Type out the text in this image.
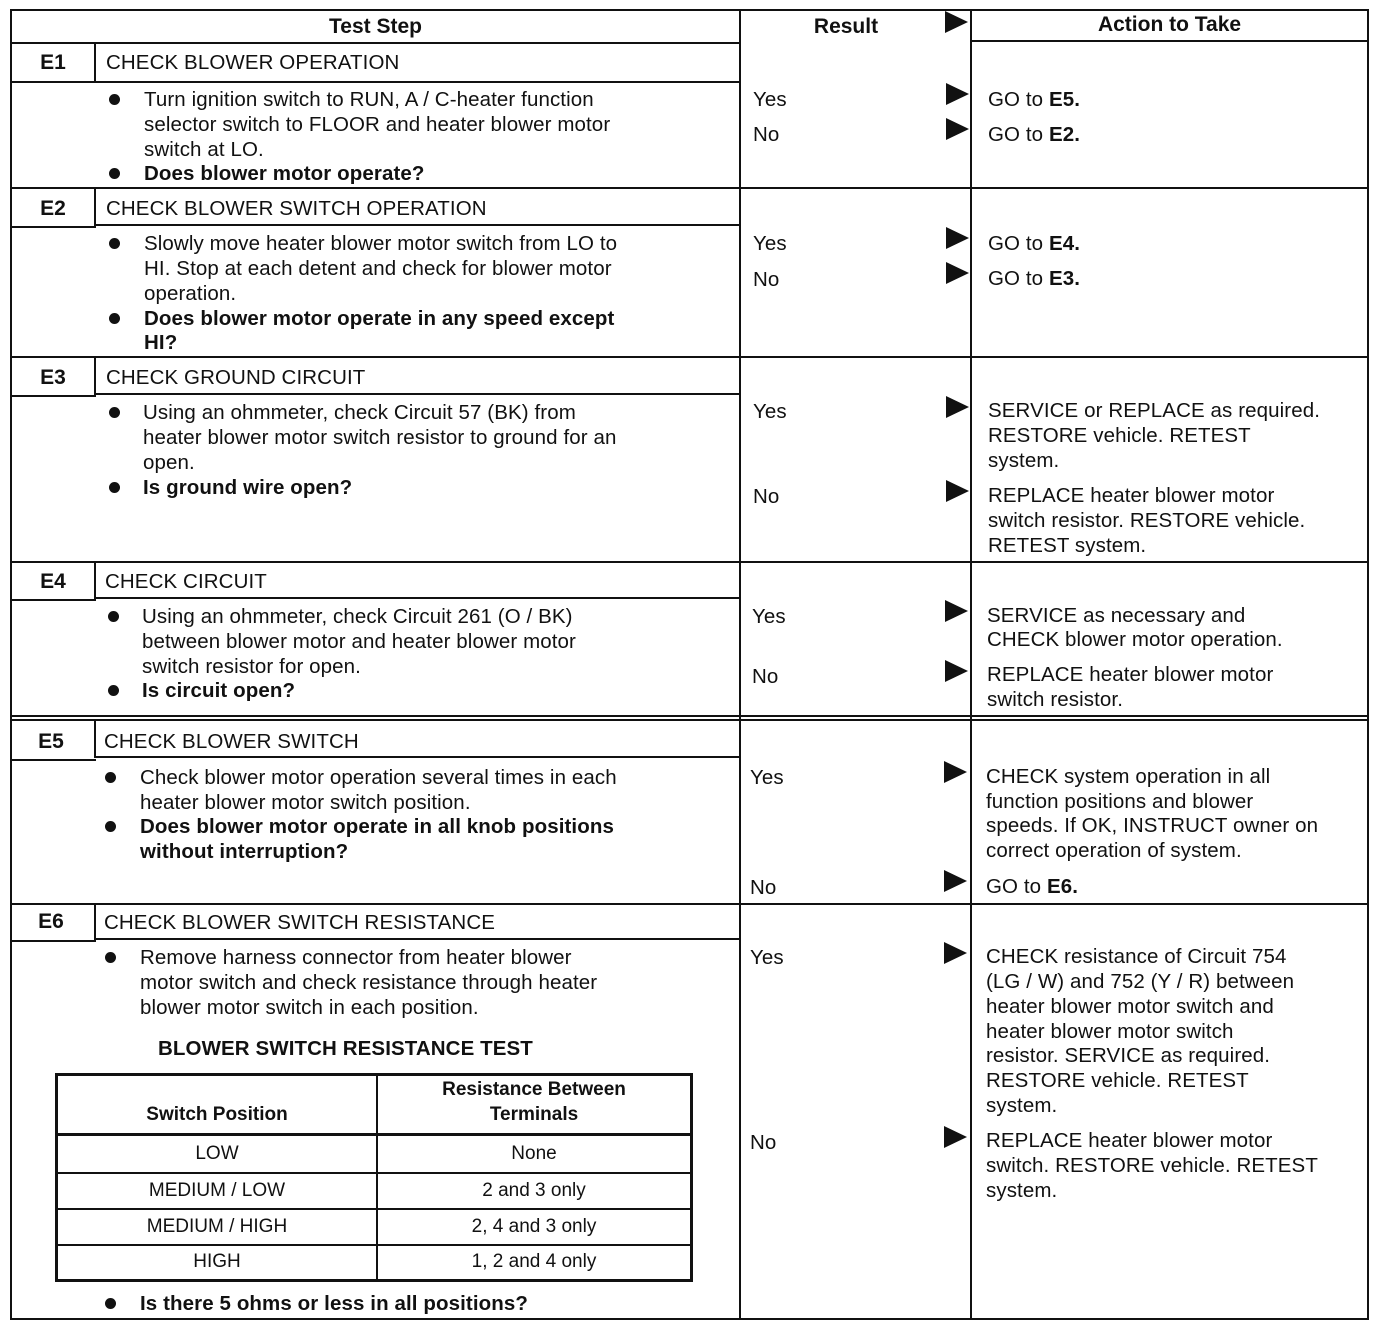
Test Step	Result	Action to Take
E1	CHECK BLOWER OPERATION
Turn ignition switch to RUN, A / C-heater function
selector switch to FLOOR and heater blower motor
switch at LO.
Does blower motor operate?
Yes	GO to E5.
No	GO to E2.
E2	CHECK BLOWER SWITCH OPERATION
Slowly move heater blower motor switch from LO to
HI. Stop at each detent and check for blower motor
operation.
Does blower motor operate in any speed except
HI?
Yes	GO to E4.
No	GO to E3.
E3	CHECK GROUND CIRCUIT
Using an ohmmeter, check Circuit 57 (BK) from
heater blower motor switch resistor to ground for an
open.
Is ground wire open?
Yes	SERVICE or REPLACE as required.
RESTORE vehicle. RETEST
system.
No	REPLACE heater blower motor
switch resistor. RESTORE vehicle.
RETEST system.
E4	CHECK CIRCUIT
Using an ohmmeter, check Circuit 261 (O / BK)
between blower motor and heater blower motor
switch resistor for open.
Is circuit open?
Yes	SERVICE as necessary and
CHECK blower motor operation.
No	REPLACE heater blower motor
switch resistor.
E5	CHECK BLOWER SWITCH
Check blower motor operation several times in each
heater blower motor switch position.
Does blower motor operate in all knob positions
without interruption?
Yes	CHECK system operation in all
function positions and blower
speeds. If OK, INSTRUCT owner on
correct operation of system.
No	GO to E6.
E6	CHECK BLOWER SWITCH RESISTANCE
Remove harness connector from heater blower
motor switch and check resistance through heater
blower motor switch in each position.
BLOWER SWITCH RESISTANCE TEST
Switch Position	Resistance Between
Terminals
LOW	None
MEDIUM / LOW	2 and 3 only
MEDIUM / HIGH	2, 4 and 3 only
HIGH	1, 2 and 4 only
Is there 5 ohms or less in all positions?
Yes	CHECK resistance of Circuit 754
(LG / W) and 752 (Y / R) between
heater blower motor switch and
heater blower motor switch
resistor. SERVICE as required.
RESTORE vehicle. RETEST
system.
No	REPLACE heater blower motor
switch. RESTORE vehicle. RETEST
system.
